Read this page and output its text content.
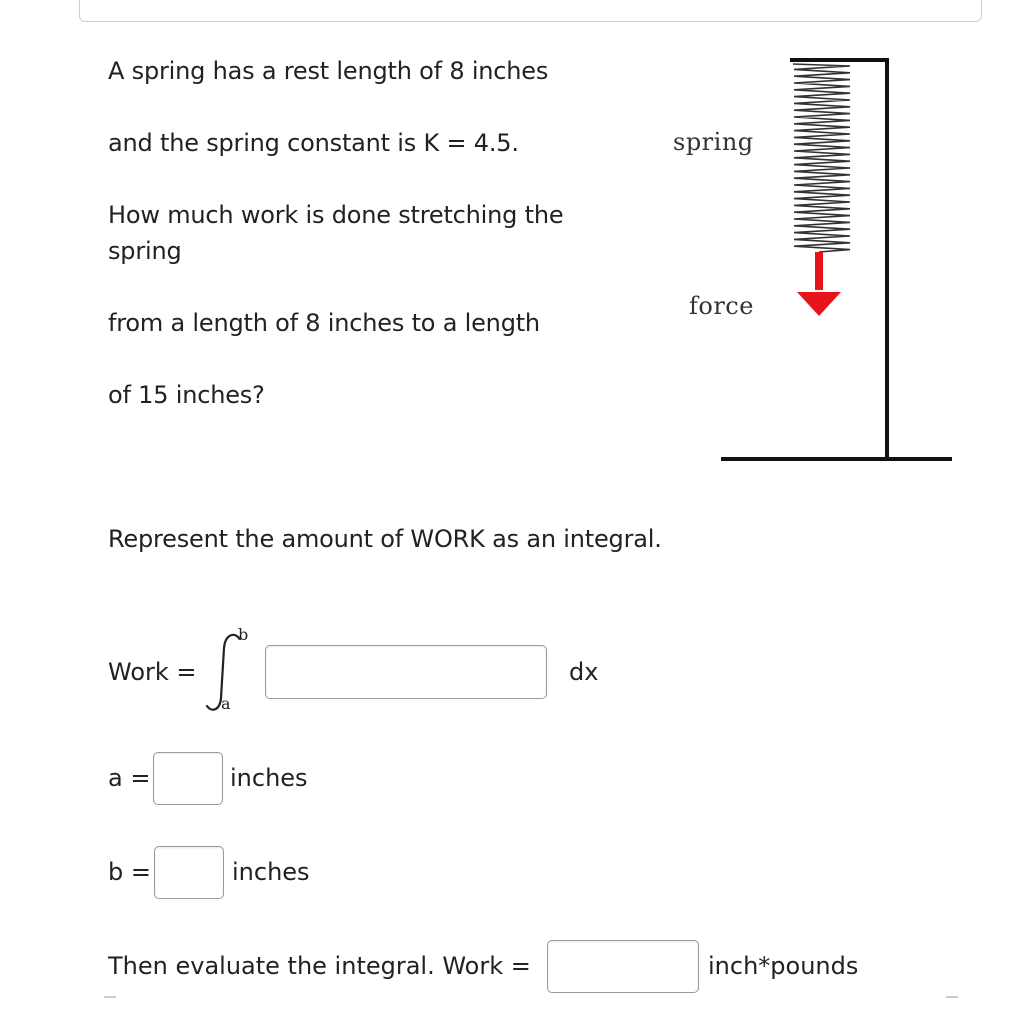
A spring has a rest length of 8 inches
and the spring constant is K = 4.5.
How much work is done stretching the
spring
from a length of 8 inches to a length
of 15 inches?
Represent the amount of WORK as an integral.
spring
force
Work =
b
a
dx
a =	inches
b =	inches
Then evaluate the integral. Work =	inch*pounds
